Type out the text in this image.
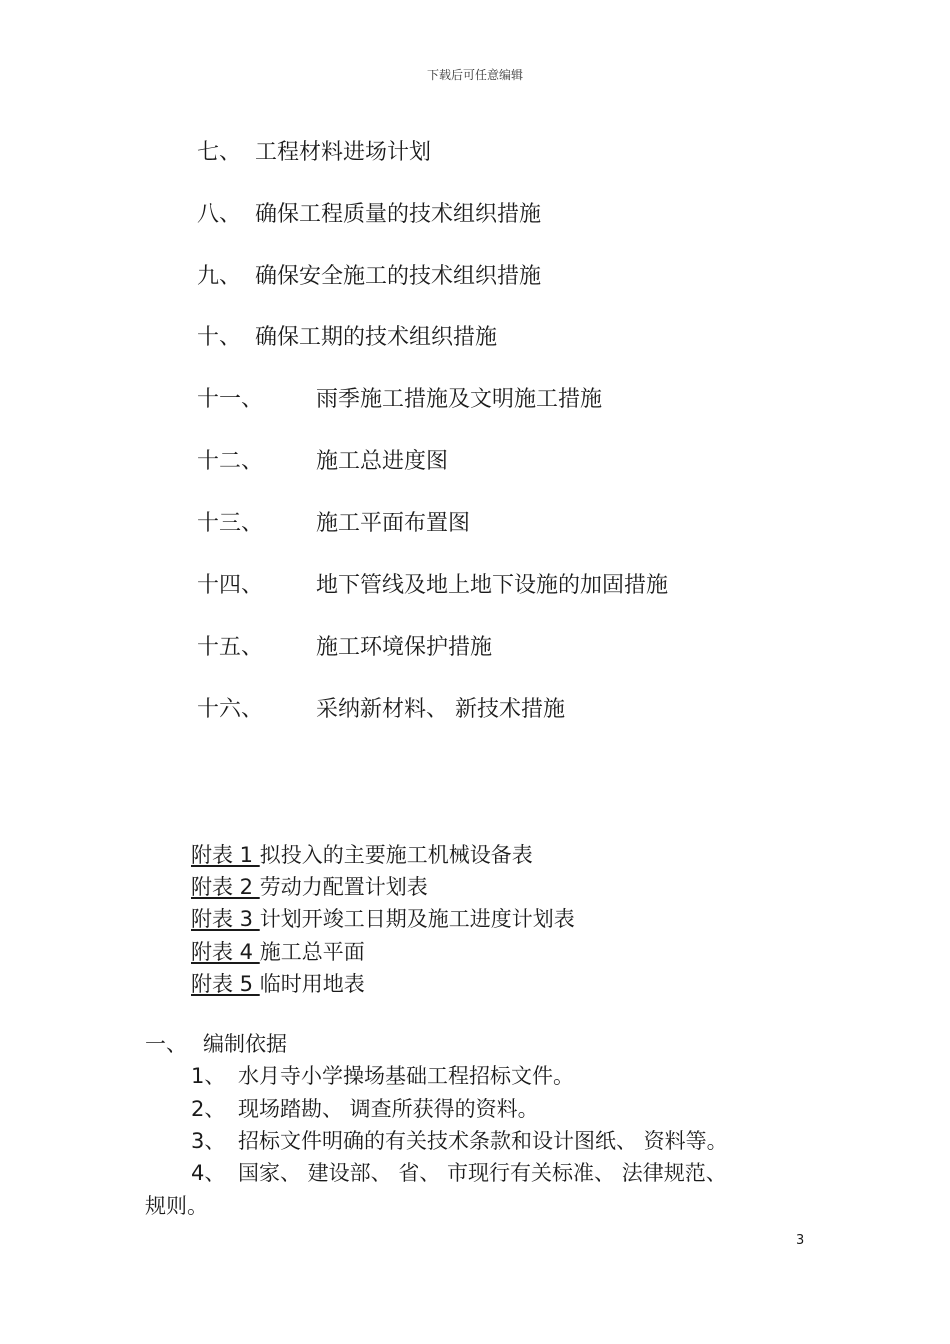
下载后可任意编辑
七、 工程材料进场计划
八、 确保工程质量的技术组织措施
九、 确保安全施工的技术组织措施
十、 确保工期的技术组织措施
十一、 雨季施工措施及文明施工措施
十二、 施工总进度图
十三、 施工平面布置图
十四、 地下管线及地上地下设施的加固措施
十五、 施工环境保护措施
十六、 采纳新材料、 新技术措施
附表 1 拟投入的主要施工机械设备表
附表 2 劳动力配置计划表
附表 3 计划开竣工日期及施工进度计划表
附表 4 施工总平面
附表 5 临时用地表
一、 编制依据
1、 水月寺小学操场基础工程招标文件。
2、 现场踏勘、 调查所获得的资料。
3、 招标文件明确的有关技术条款和设计图纸、 资料等。
4、 国家、 建设部、 省、 市现行有关标准、 法律规范、
规则。
3
